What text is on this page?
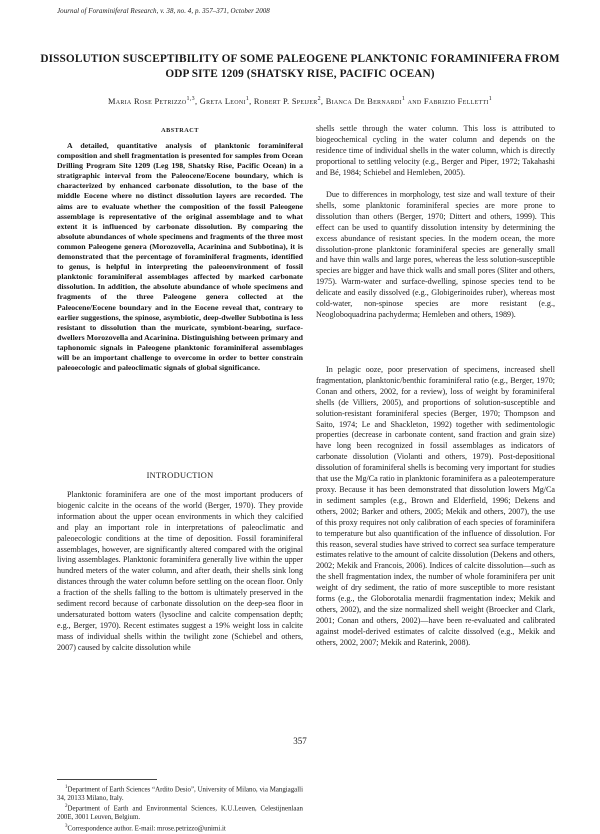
Journal of Foraminiferal Research, v. 38, no. 4, p. 357–371, October 2008
DISSOLUTION SUSCEPTIBILITY OF SOME PALEOGENE PLANKTONIC FORAMINIFERA FROM ODP SITE 1209 (SHATSKY RISE, PACIFIC OCEAN)
Maria Rose Petrizzo$^{1,3}$, Greta Leoni$^1$, Robert P. Speijer$^2$, Bianca De Bernardi$^1$ and Fabrizio Felletti$^1$
ABSTRACT

A detailed, quantitative analysis of planktonic foraminiferal composition and shell fragmentation is presented for samples from Ocean Drilling Program Site 1209 (Leg 198, Shatsky Rise, Pacific Ocean) in a stratigraphic interval from the Paleocene/Eocene boundary, which is characterized by enhanced carbonate dissolution, to the base of the middle Eocene where no distinct dissolution layers are recorded. The aims are to evaluate whether the composition of the fossil Paleogene assemblage is representative of the original assemblage and to what extent it is influenced by carbonate dissolution. By comparing the absolute abundances of whole specimens and fragments of the three most common Paleogene genera (Morozovella, Acarinina and Subbotina), it is demonstrated that the percentage of foraminiferal fragments, identified to genus, is helpful in interpreting the paleoenvironment of fossil planktonic foraminiferal assemblages affected by marked carbonate dissolution. In addition, the absolute abundance of whole specimens and fragments of the three Paleogene genera collected at the Paleocene/Eocene boundary and in the Eocene reveal that, contrary to earlier suggestions, the spinose, asymbiotic, deep-dweller Subbotina is less resistant to dissolution than the muricate, symbiont-bearing, surface-dwellers Morozovella and Acarinina. Distinguishing between primary and taphonomic signals in Paleogene planktonic foraminiferal assemblages will be an important challenge to overcome in order to better constrain paleoecologic and paleoclimatic signals of global significance.

INTRODUCTION

Planktonic foraminifera are one of the most important producers of biogenic calcite in the oceans of the world (Berger, 1970). They provide information about the upper ocean environments in which they calcified and play an important role in interpretations of paleoclimatic and paleoecologic conditions at the time of deposition. Fossil foraminiferal assemblages, however, are significantly altered compared with the original living assemblages. Planktonic foraminifera generally live within the upper hundred meters of the water column, and after death, their shells sink long distances through the water column before settling on the ocean floor. Only a fraction of the shells falling to the bottom is ultimately preserved in the sediment record because of carbonate dissolution on the deep-sea floor in undersaturated bottom waters (lysocline and calcite compensation depth; e.g., Berger, 1970). Recent estimates suggest a 19% weight loss in calcite mass of individual shells within the twilight zone (Schiebel and others, 2007) caused by calcite dissolution while

$^1$Department of Earth Sciences “Ardito Desio”, University of Milano, via Mangiagalli 34, 20133 Milano, Italy.

$^2$Department of Earth and Environmental Sciences, K.U.Leuven, Celestijnenlaan 200E, 3001 Leuven, Belgium.

$^3$Correspondence author. E-mail: mrose.petrizzo@unimi.it

shells settle through the water column. This loss is attributed to biogeochemical cycling in the water column and depends on the residence time of individual shells in the water column, which is directly proportional to settling velocity (e.g., Berger and Piper, 1972; Takahashi and Bé, 1984; Schiebel and Hemleben, 2005).

Due to differences in morphology, test size and wall texture of their shells, some planktonic foraminiferal species are more prone to dissolution than others (Berger, 1970; Dittert and others, 1999). This effect can be used to quantify dissolution intensity by determining the excess abundance of resistant species. In the modern ocean, the more dissolution-prone planktonic foraminiferal species are generally small and have thin walls and large pores, whereas the less solution-susceptible species are bigger and have thick walls and small pores (Sliter and others, 1975). Warm-water and surface-dwelling, spinose species tend to be delicate and easily dissolved (e.g., Globigerinoides ruber), whereas most cold-water, non-spinose species are more resistant (e.g., Neogloboquadrina pachyderma; Hemleben and others, 1989).

In pelagic ooze, poor preservation of specimens, increased shell fragmentation, planktonic/benthic foraminiferal ratio (e.g., Berger, 1970; Conan and others, 2002, for a review), loss of weight by foraminiferal shells (de Villiers, 2005), and proportions of solution-susceptible and solution-resistant foraminiferal species (Berger, 1970; Thompson and Saito, 1974; Le and Shackleton, 1992) together with sedimentologic properties (decrease in carbonate content, sand fraction and grain size) have long been recognized in fossil assemblages as indicators of carbonate dissolution (Violanti and others, 1979). Post-depositional dissolution of foraminiferal shells is becoming very important for studies that use the Mg/Ca ratio in planktonic foraminifera as a paleotemperature proxy. Because it has been demonstrated that dissolution lowers Mg/Ca in sediment samples (e.g., Brown and Elderfield, 1996; Dekens and others, 2002; Barker and others, 2005; Mekik and others, 2007), the use of this proxy requires not only calibration of each species of foraminifera to temperature but also quantification of the influence of dissolution. For this reason, several studies have strived to correct sea surface temperature estimates relative to the amount of calcite dissolution (Dekens and others, 2002; Mekik and Francois, 2006). Indices of calcite dissolution—such as the shell fragmentation index, the number of whole foraminifera per unit weight of dry sediment, the ratio of more susceptible to more resistant forms (e.g., the Globorotalia menardii fragmentation index; Mekik and others, 2002), and the size normalized shell weight (Broecker and Clark, 2001; Conan and others, 2002)—have been re-evaluated and calibrated against model-derived estimates of calcite dissolved (e.g., Mekik and others, 2002, 2007; Mekik and Raterink, 2008).

357
